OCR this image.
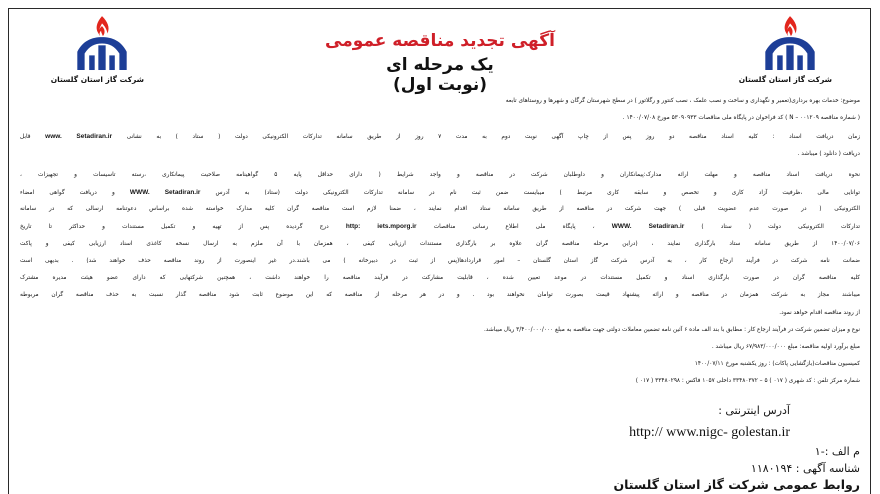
شرکت گاز استان گلستان	شرکت گاز استان گلستان
آگهی تجدید مناقصه عمومی
یک مرحله ای
(نوبت اول)
موضوع: خدمات بهره برداری(تعمیر و نگهداری و ساخت و نصب علمک ، نصب کنتور و رگلاتور ) در سطح شهرستان گرگان و شهرها و روستاهای تابعه
( شماره مناقصه N – ۰۰۱۲۰۹ ) کد فراخوان در پایگاه ملی مناقصات ۵۳۰۹۰۹۳۳ مورخ ۱۴۰۰/۰۷/۰۸ .
زمان دریافت اسناد : کلیه اسناد مناقصه دو روز پس از چاپ آگهی نوبت دوم به مدت ۷ روز از طریق سامانه تدارکات الکترونیکی دولت ( ستاد ) به نشانی www. Setadiran.ir قابل
دریافت ( دانلود ) میباشد .
نحوه دریافت اسناد مناقصه و مهلت ارائه مدارک:پیمانکاران و داوطلبان شرکت در مناقصه و واجد شرایط ( دارای حداقل پایه ۵ گواهینامه صلاحیت پیمانکاری ،رسته تاسیسات و تجهیزات ،
توانایی مالی ،ظرفیت آزاد کاری و تخصص و سابقه کاری مرتبط ) میبایست ضمن ثبت نام در سامانه تدارکات الکترونیکی دولت (ستاد) به آدرس WWW. Setadiran.ir و دریافت گواهی امضاء
الکترونیکی ( در صورت عدم عضویت قبلی ) جهت شرکت در مناقصه از طریق سامانه ستاد اقدام نمایند ، ضمنا لازم است مناقصه گران کلیه مدارک خواسته شده براساس دعوتنامه ارسالی که در سامانه
تدارکات الکترونیکی دولت ( ستاد ) WWW. Setadiran.ir ، پایگاه ملی اطلاع رسانی مناقصات http: iets.mporg.ir درج گردیده پس از تهیه و تکمیل مستندات و حداکثر تا تاریخ
۱۴۰۰/۰۷/۰۶ از طریق سامانه ستاد بارگذاری نمایند ، (دراین مرحله مناقصه گران علاوه بر بارگذاری مستندات ارزیابی کیفی ، همزمان با آن ملزم به ارسال نسخه کاغذی اسناد ارزیابی کیفی و پاکت
ضمانت نامه شرکت در فرآیند ارجاع کار ، به آدرس شرکت گاز استان گلستان – امور قراردادها(پس از ثبت در دبیرخانه ) می باشند.در غیر اینصورت از روند مناقصه حذف خواهند شد) . بدیهی است
کلیه مناقصه گران در صورت بارگذاری اسناد و تکمیل مستندات در موعد تعیین شده ، قابلیت مشارکت در فرآیند مناقصه را خواهند داشت ، همچنین شرکتهایی که دارای عضو هیئت مدیره مشترک
میباشند مجاز به شرکت همزمان در مناقصه و ارائه پیشنهاد قیمت بصورت توامان نخواهند بود . و در هر مرحله از مناقصه که این موضوع ثابت شود مناقصه گذار نسبت به حذف مناقصه گران مربوطه
از روند مناقصه اقدام خواهد نمود.
نوع و میزان تضمین شرکت در فرآیند ارجاع کار : مطابق با بند الف ماده ۶ آئین نامه تضمین معاملات دولتی جهت مناقصه به مبلغ ۳/۴۰۰/۰۰۰/۰۰۰ ریال میباشد.
مبلغ برآورد اولیه مناقصه: مبلغ ۶۷/۹۸۳/۰۰۰/۰۰۰ ریال میباشد .
کمیسیون مناقصات(بازگشایی پاکات) : روز یکشنبه مورخ ۱۴۰۰/۰۷/۱۱
شماره مرکز تلفن : کد شهری ( ۰۱۷ ) ۵ – ۳۳۴۸۰۳۷۲ داخلی ۱۰۵۷ فاکس : ۳۳۴۸۰۲۹۸ ( ۰۱۷ )
آدرس اینترنتی :
http:// www.nigc- golestan.ir
م الف :-۱
شناسه آگهی : ۱۱۸۰۱۹۴
روابط عمومی شرکت گاز استان گلستان
